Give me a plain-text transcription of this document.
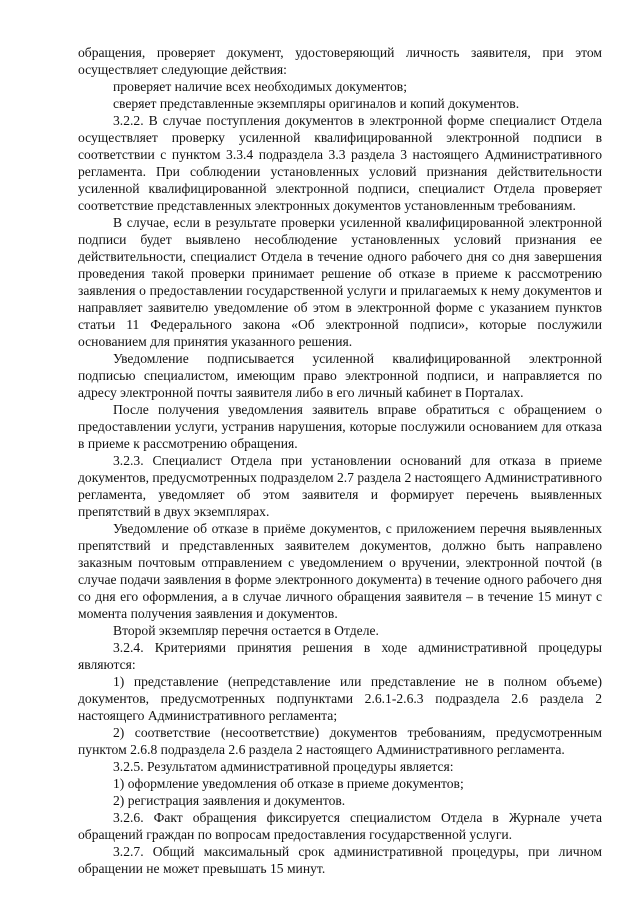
обращения, проверяет документ, удостоверяющий личность заявителя, при этом осуществляет следующие действия:

проверяет наличие всех необходимых документов;

сверяет представленные экземпляры оригиналов и копий документов.

3.2.2. В случае поступления документов в электронной форме специалист Отдела осуществляет проверку усиленной квалифицированной электронной подписи в соответствии с пунктом 3.3.4 подраздела 3.3 раздела 3 настоящего Административного регламента. При соблюдении установленных условий признания действительности усиленной квалифицированной электронной подписи, специалист Отдела проверяет соответствие представленных электронных документов установленным требованиям.

В случае, если в результате проверки усиленной квалифицированной электронной подписи будет выявлено несоблюдение установленных условий признания ее действительности, специалист Отдела в течение одного рабочего дня со дня завершения проведения такой проверки принимает решение об отказе в приеме к рассмотрению заявления о предоставлении государственной услуги и прилагаемых к нему документов и направляет заявителю уведомление об этом в электронной форме с указанием пунктов статьи 11 Федерального закона «Об электронной подписи», которые послужили основанием для принятия указанного решения.

Уведомление подписывается усиленной квалифицированной электронной подписью специалистом, имеющим право электронной подписи, и направляется по адресу электронной почты заявителя либо в его личный кабинет в Порталах.

После получения уведомления заявитель вправе обратиться с обращением о предоставлении услуги, устранив нарушения, которые послужили основанием для отказа в приеме к рассмотрению обращения.

3.2.3. Специалист Отдела при установлении оснований для отказа в приеме документов, предусмотренных подразделом 2.7 раздела 2 настоящего Административного регламента, уведомляет об этом заявителя и формирует перечень выявленных препятствий в двух экземплярах.

Уведомление об отказе в приёме документов, с приложением перечня выявленных препятствий и представленных заявителем документов, должно быть направлено заказным почтовым отправлением с уведомлением о вручении, электронной почтой (в случае подачи заявления в форме электронного документа) в течение одного рабочего дня со дня его оформления, а в случае личного обращения заявителя – в течение 15 минут с момента получения заявления и документов.

Второй экземпляр перечня остается в Отделе.

3.2.4. Критериями принятия решения в ходе административной процедуры являются:

1) представление (непредставление или представление не в полном объеме) документов, предусмотренных подпунктами 2.6.1-2.6.3 подраздела 2.6 раздела 2 настоящего Административного регламента;

2) соответствие (несоответствие) документов требованиям, предусмотренным пунктом 2.6.8 подраздела 2.6 раздела 2 настоящего Административного регламента.

3.2.5. Результатом административной процедуры является:

1) оформление уведомления об отказе в приеме документов;

2) регистрация заявления и документов.

3.2.6. Факт обращения фиксируется специалистом Отдела в Журнале учета обращений граждан по вопросам предоставления государственной услуги.

3.2.7. Общий максимальный срок административной процедуры, при личном обращении не может превышать 15 минут.
